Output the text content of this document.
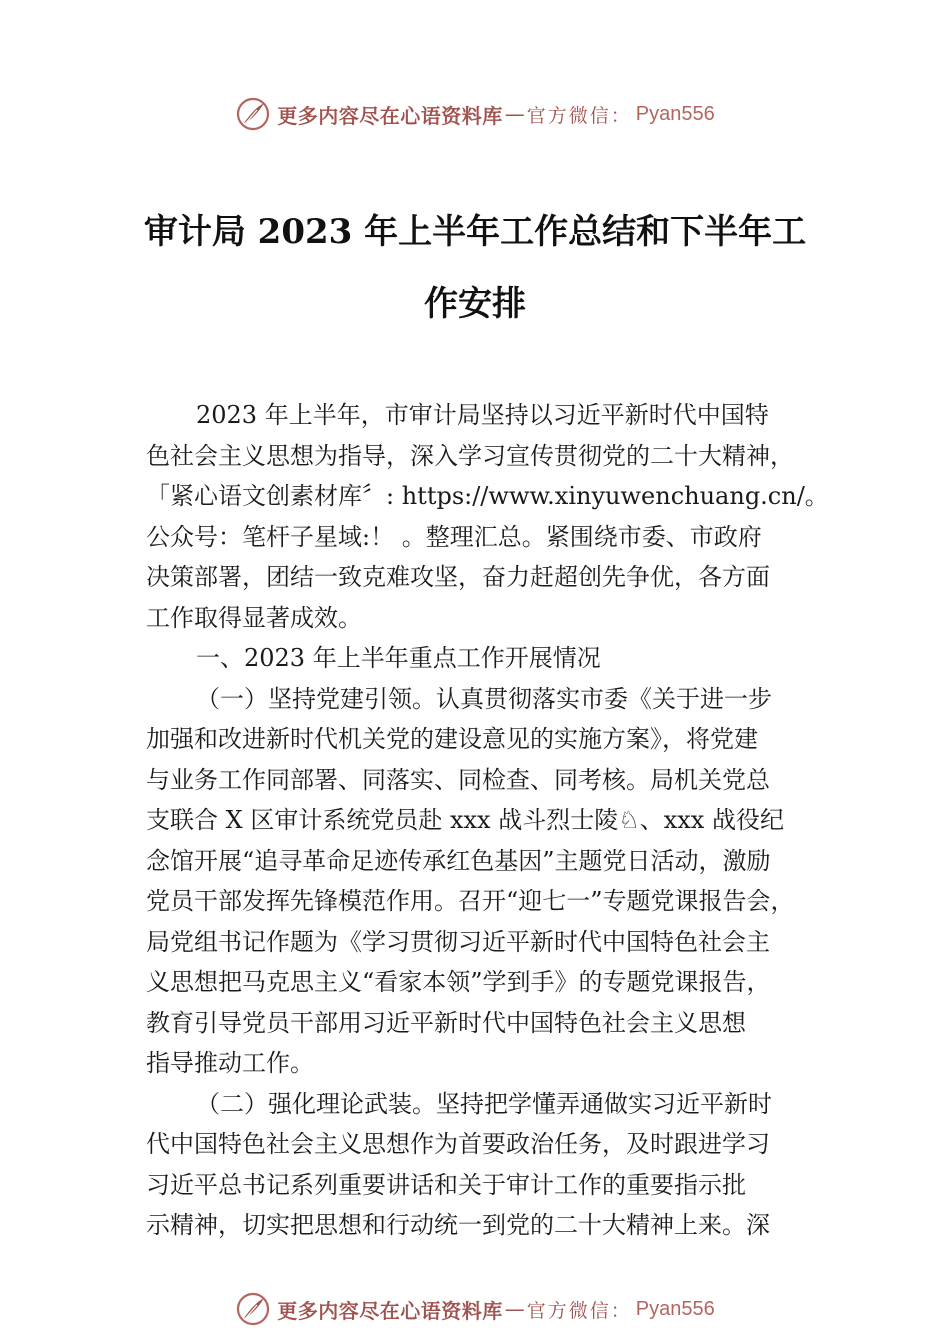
更多内容尽在心语资料库 — 官方微信： Pyan556
审计局 2023 年上半年工作总结和下半年工
作安排

2023 年上半年，市审计局坚持以习近平新时代中国特
色社会主义思想为指导，深入学习宣传贯彻党的二十大精神，
「紧心语文创素材库〞: https://www.xinyuwenchuang.cn/。
公众号：笔杆子星域:！ 。整理汇总。紧围绕市委、市政府
决策部署，团结一致克难攻坚，奋力赶超创先争优，各方面
工作取得显著成效。

一、2023 年上半年重点工作开展情况

（一）坚持党建引领。认真贯彻落实市委《关于进一步
加强和改进新时代机关党的建设意见的实施方案》，将党建
与业务工作同部署、同落实、同检查、同考核。局机关党总
支联合 X 区审计系统党员赴 xxx 战斗烈士陵♘、xxx 战役纪
念馆开展“追寻革命足迹传承红色基因”主题党日活动，激励
党员干部发挥先锋模范作用。召开“迎七一”专题党课报告会，
局党组书记作题为《学习贯彻习近平新时代中国特色社会主
义思想把马克思主义“看家本领”学到手》的专题党课报告，
教育引导党员干部用习近平新时代中国特色社会主义思想
指导推动工作。

（二）强化理论武装。坚持把学懂弄通做实习近平新时
代中国特色社会主义思想作为首要政治任务，及时跟进学习
习近平总书记系列重要讲话和关于审计工作的重要指示批
示精神，切实把思想和行动统一到党的二十大精神上来。深

更多内容尽在心语资料库 — 官方微信： Pyan556
